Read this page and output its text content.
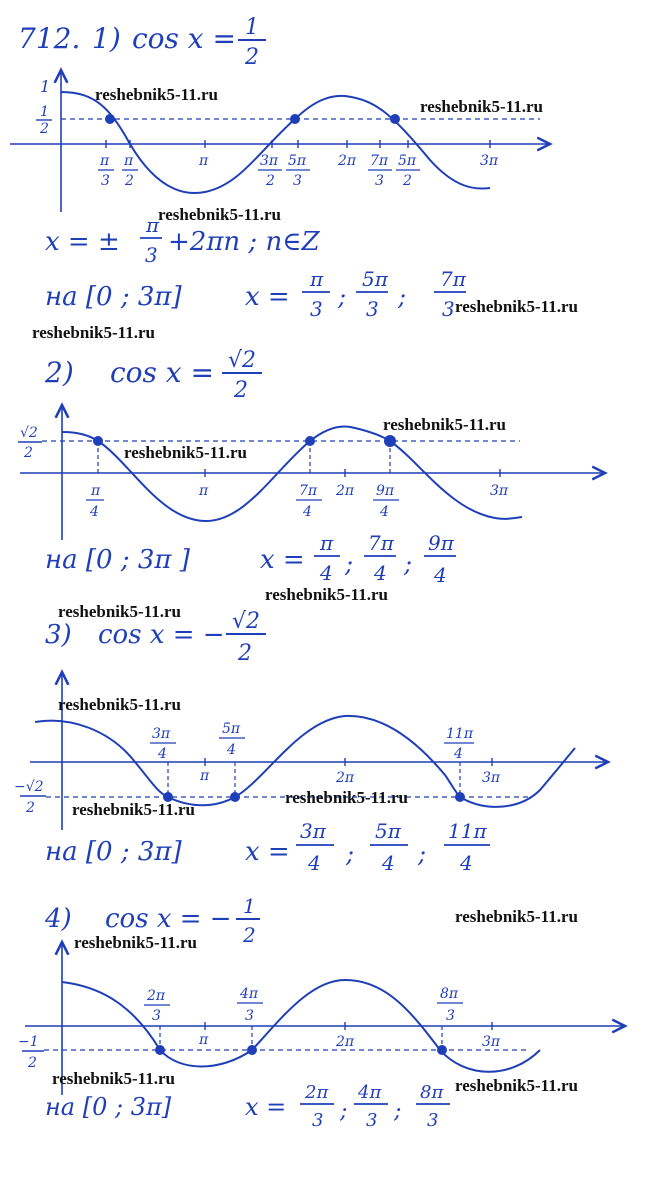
712. 1) cos x = 1
2
1
1
2
π
3
π
2
π	3π
2
5π
3
2π 7π
3
5π
2
3π
x = ±
π
3 +2πn ; n∈Z
на [0 ; 3π] x =
π
3 ;
5π
3 ;
7π
3
2) cos x = √2
2
√2
2
π
4
π	7π
4
2π 9π
4
3π
на [0 ; 3π ]	x =
π
4 ;
7π
4 ;
9π
4
3) cos x = − √2
2
−√2
2
3π
4
5π
4
π	2π
11π
4
3π
на [0 ; 3π] x =
3π
4 ;
5π
4 ;
11π
4
4) cos x = − 1
2
−1
2
2π
3
π
4π
3
2π
8π
3
3π
на [0 ; 3π]	x =
2π
3 ;
4π
3 ;
8π
3
reshebnik5-11.ru
reshebnik5-11.ru
reshebnik5-11.ru
reshebnik5-11.ru
reshebnik5-11.ru
reshebnik5-11.ru
reshebnik5-11.ru
reshebnik5-11.ru
reshebnik5-11.ru
reshebnik5-11.ru
reshebnik5-11.ru
reshebnik5-11.ru
reshebnik5-11.ru
reshebnik5-11.ru
reshebnik5-11.ru	reshebnik5-11.ru
